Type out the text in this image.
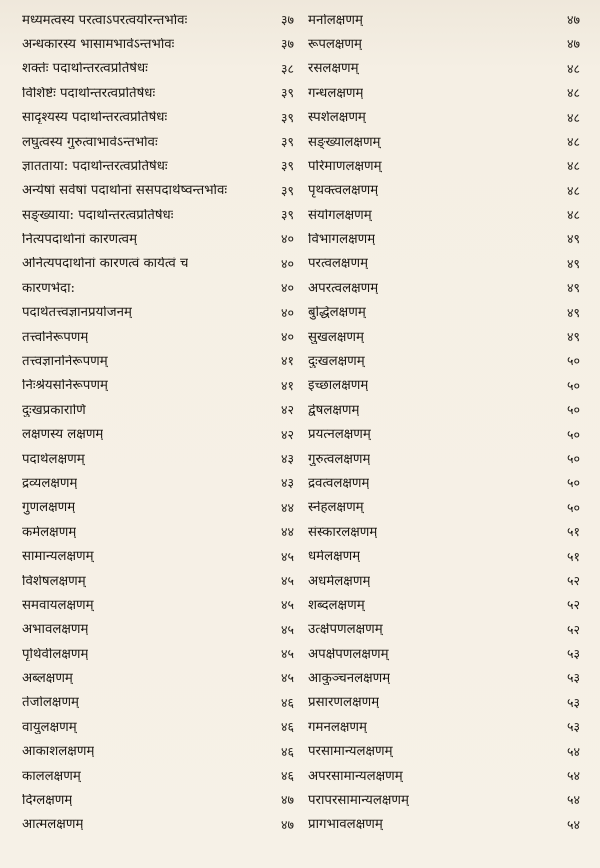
मध्यमत्वस्य परत्वाऽपरत्वयोरन्तर्भावः	३७
अन्धकारस्य भासामभावेऽन्तर्भावः	३७
शक्तेः पदार्थान्तरत्वप्रतिषेधः	३८
विशिष्टेः पदार्थान्तरत्वप्रतिषेधः	३९
सादृश्यस्य पदार्थान्तरत्वप्रतिषेधः	३९
लघुत्वस्य गुरुत्वाभावेऽन्तर्भावः	३९
ज्ञातताया: पदार्थान्तरत्वप्रतिषेधः	३९
अन्येषां सर्वेषां पदार्थानां ससपदार्थेष्वन्तर्भावः	३९
सङ्ख्याया: पदार्थान्तरत्वप्रतिषेधः	३९
नित्यपदार्थानां कारणत्वम्	४०
अनित्यपदार्थानां कारणत्वं कार्यत्वं च	४०
कारणभेदा:	४०
पदार्थतत्त्वज्ञानप्रयोजनम्	४०
तत्त्वनिरूपणम्	४०
तत्त्वज्ञाननिरूपणम्	४१
निःश्रेयसनिरूपणम्	४१
दुःखप्रकाराणि	४२
लक्षणस्य लक्षणम्	४२
पदार्थलक्षणम्	४३
द्रव्यलक्षणम्	४३
गुणलक्षणम्	४४
कर्मलक्षणम्	४४
सामान्यलक्षणम्	४५
विशेषलक्षणम्	४५
समवायलक्षणम्	४५
अभावलक्षणम्	४५
पृथिवीलक्षणम्	४५
अब्लक्षणम्	४५
तेजोलक्षणम्	४६
वायुलक्षणम्	४६
आकाशलक्षणम्	४६
काललक्षणम्	४६
दिग्लक्षणम्	४७
आत्मलक्षणम्	४७
मनोलक्षणम्	४७
रूपलक्षणम्	४७
रसलक्षणम्	४८
गन्धलक्षणम्	४८
स्पर्शलक्षणम्	४८
सङ्ख्यालक्षणम्	४८
परिमाणलक्षणम्	४८
पृथक्त्वलक्षणम्	४८
संयोगलक्षणम्	४८
विभागलक्षणम्	४९
परत्वलक्षणम्	४९
अपरत्वलक्षणम्	४९
बुद्धिलक्षणम्	४९
सुखलक्षणम्	४९
दुःखलक्षणम्	५०
इच्छालक्षणम्	५०
द्वेषलक्षणम्	५०
प्रयत्नलक्षणम्	५०
गुरुत्वलक्षणम्	५०
द्रवत्वलक्षणम्	५०
स्नेहलक्षणम्	५०
संस्कारलक्षणम्	५१
धर्मलक्षणम्	५१
अधर्मलक्षणम्	५२
शब्दलक्षणम्	५२
उत्क्षेपणलक्षणम्	५२
अपक्षेपणलक्षणम्	५३
आकुञ्चनलक्षणम्	५३
प्रसारणलक्षणम्	५३
गमनलक्षणम्	५३
परसामान्यलक्षणम्	५४
अपरसामान्यलक्षणम्	५४
परापरसामान्यलक्षणम्	५४
प्रागभावलक्षणम्	५४
